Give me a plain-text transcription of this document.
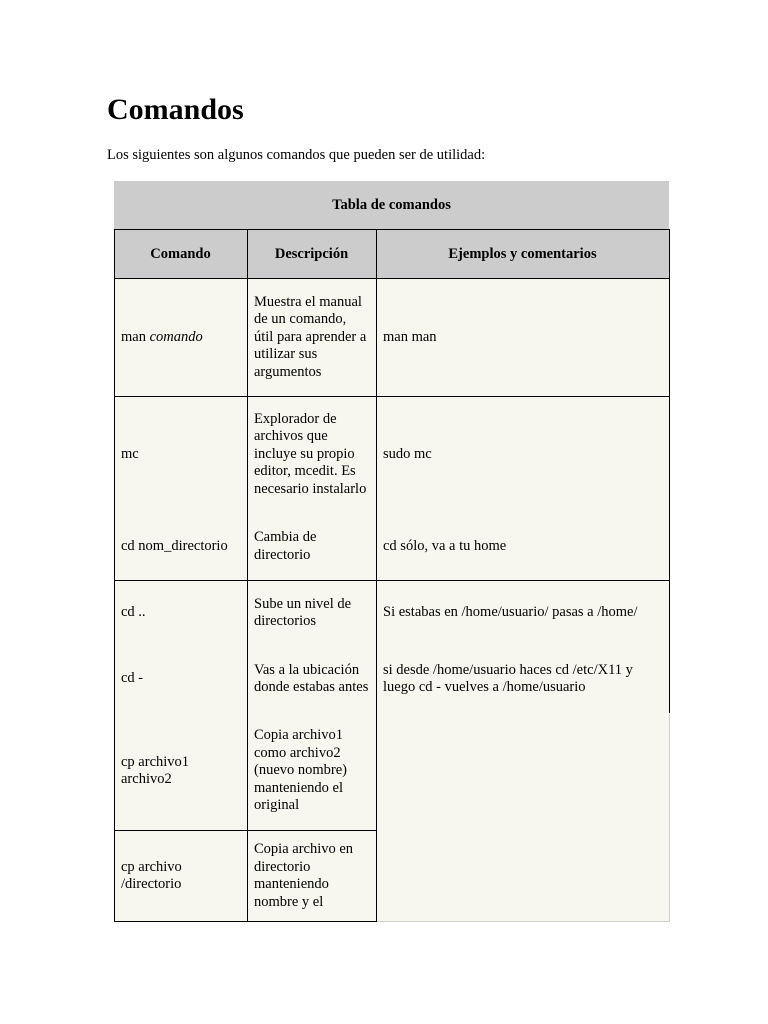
Comandos

Los siguientes son algunos comandos que pueden ser de utilidad:

Tabla de comandos
Comando	Descripción	Ejemplos y comentarios
man comando
Muestra el manual de un comando, útil para aprender a utilizar sus argumentos
man man
mc
Explorador de archivos que incluye su propio editor, mcedit. Es necesario instalarlo
sudo mc
cd nom_directorio
Cambia de directorio
cd sólo, va a tu home
cd ..
Sube un nivel de directorios
Si estabas en /home/usuario/ pasas a /home/
cd -
Vas a la ubicación donde estabas antes
si desde /home/usuario haces cd /etc/X11 y luego cd - vuelves a /home/usuario
cp archivo1 archivo2
Copia archivo1 como archivo2 (nuevo nombre) manteniendo el original
cp archivo /directorio
Copia archivo en directorio manteniendo nombre y el
